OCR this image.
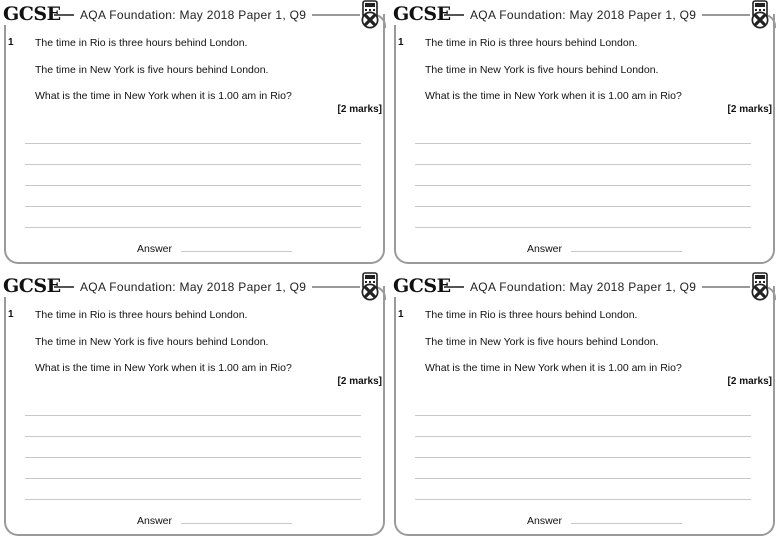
GCSE AQA Foundation: May 2018 Paper 1, Q9
1 The time in Rio is three hours behind London.
The time in New York is five hours behind London.
What is the time in New York when it is 1.00 am in Rio?
[2 marks]
Answer
GCSE AQA Foundation: May 2018 Paper 1, Q9
1 The time in Rio is three hours behind London.
The time in New York is five hours behind London.
What is the time in New York when it is 1.00 am in Rio?
[2 marks]
Answer
GCSE AQA Foundation: May 2018 Paper 1, Q9
1 The time in Rio is three hours behind London.
The time in New York is five hours behind London.
What is the time in New York when it is 1.00 am in Rio?
[2 marks]
Answer
GCSE AQA Foundation: May 2018 Paper 1, Q9
1 The time in Rio is three hours behind London.
The time in New York is five hours behind London.
What is the time in New York when it is 1.00 am in Rio?
[2 marks]
Answer
